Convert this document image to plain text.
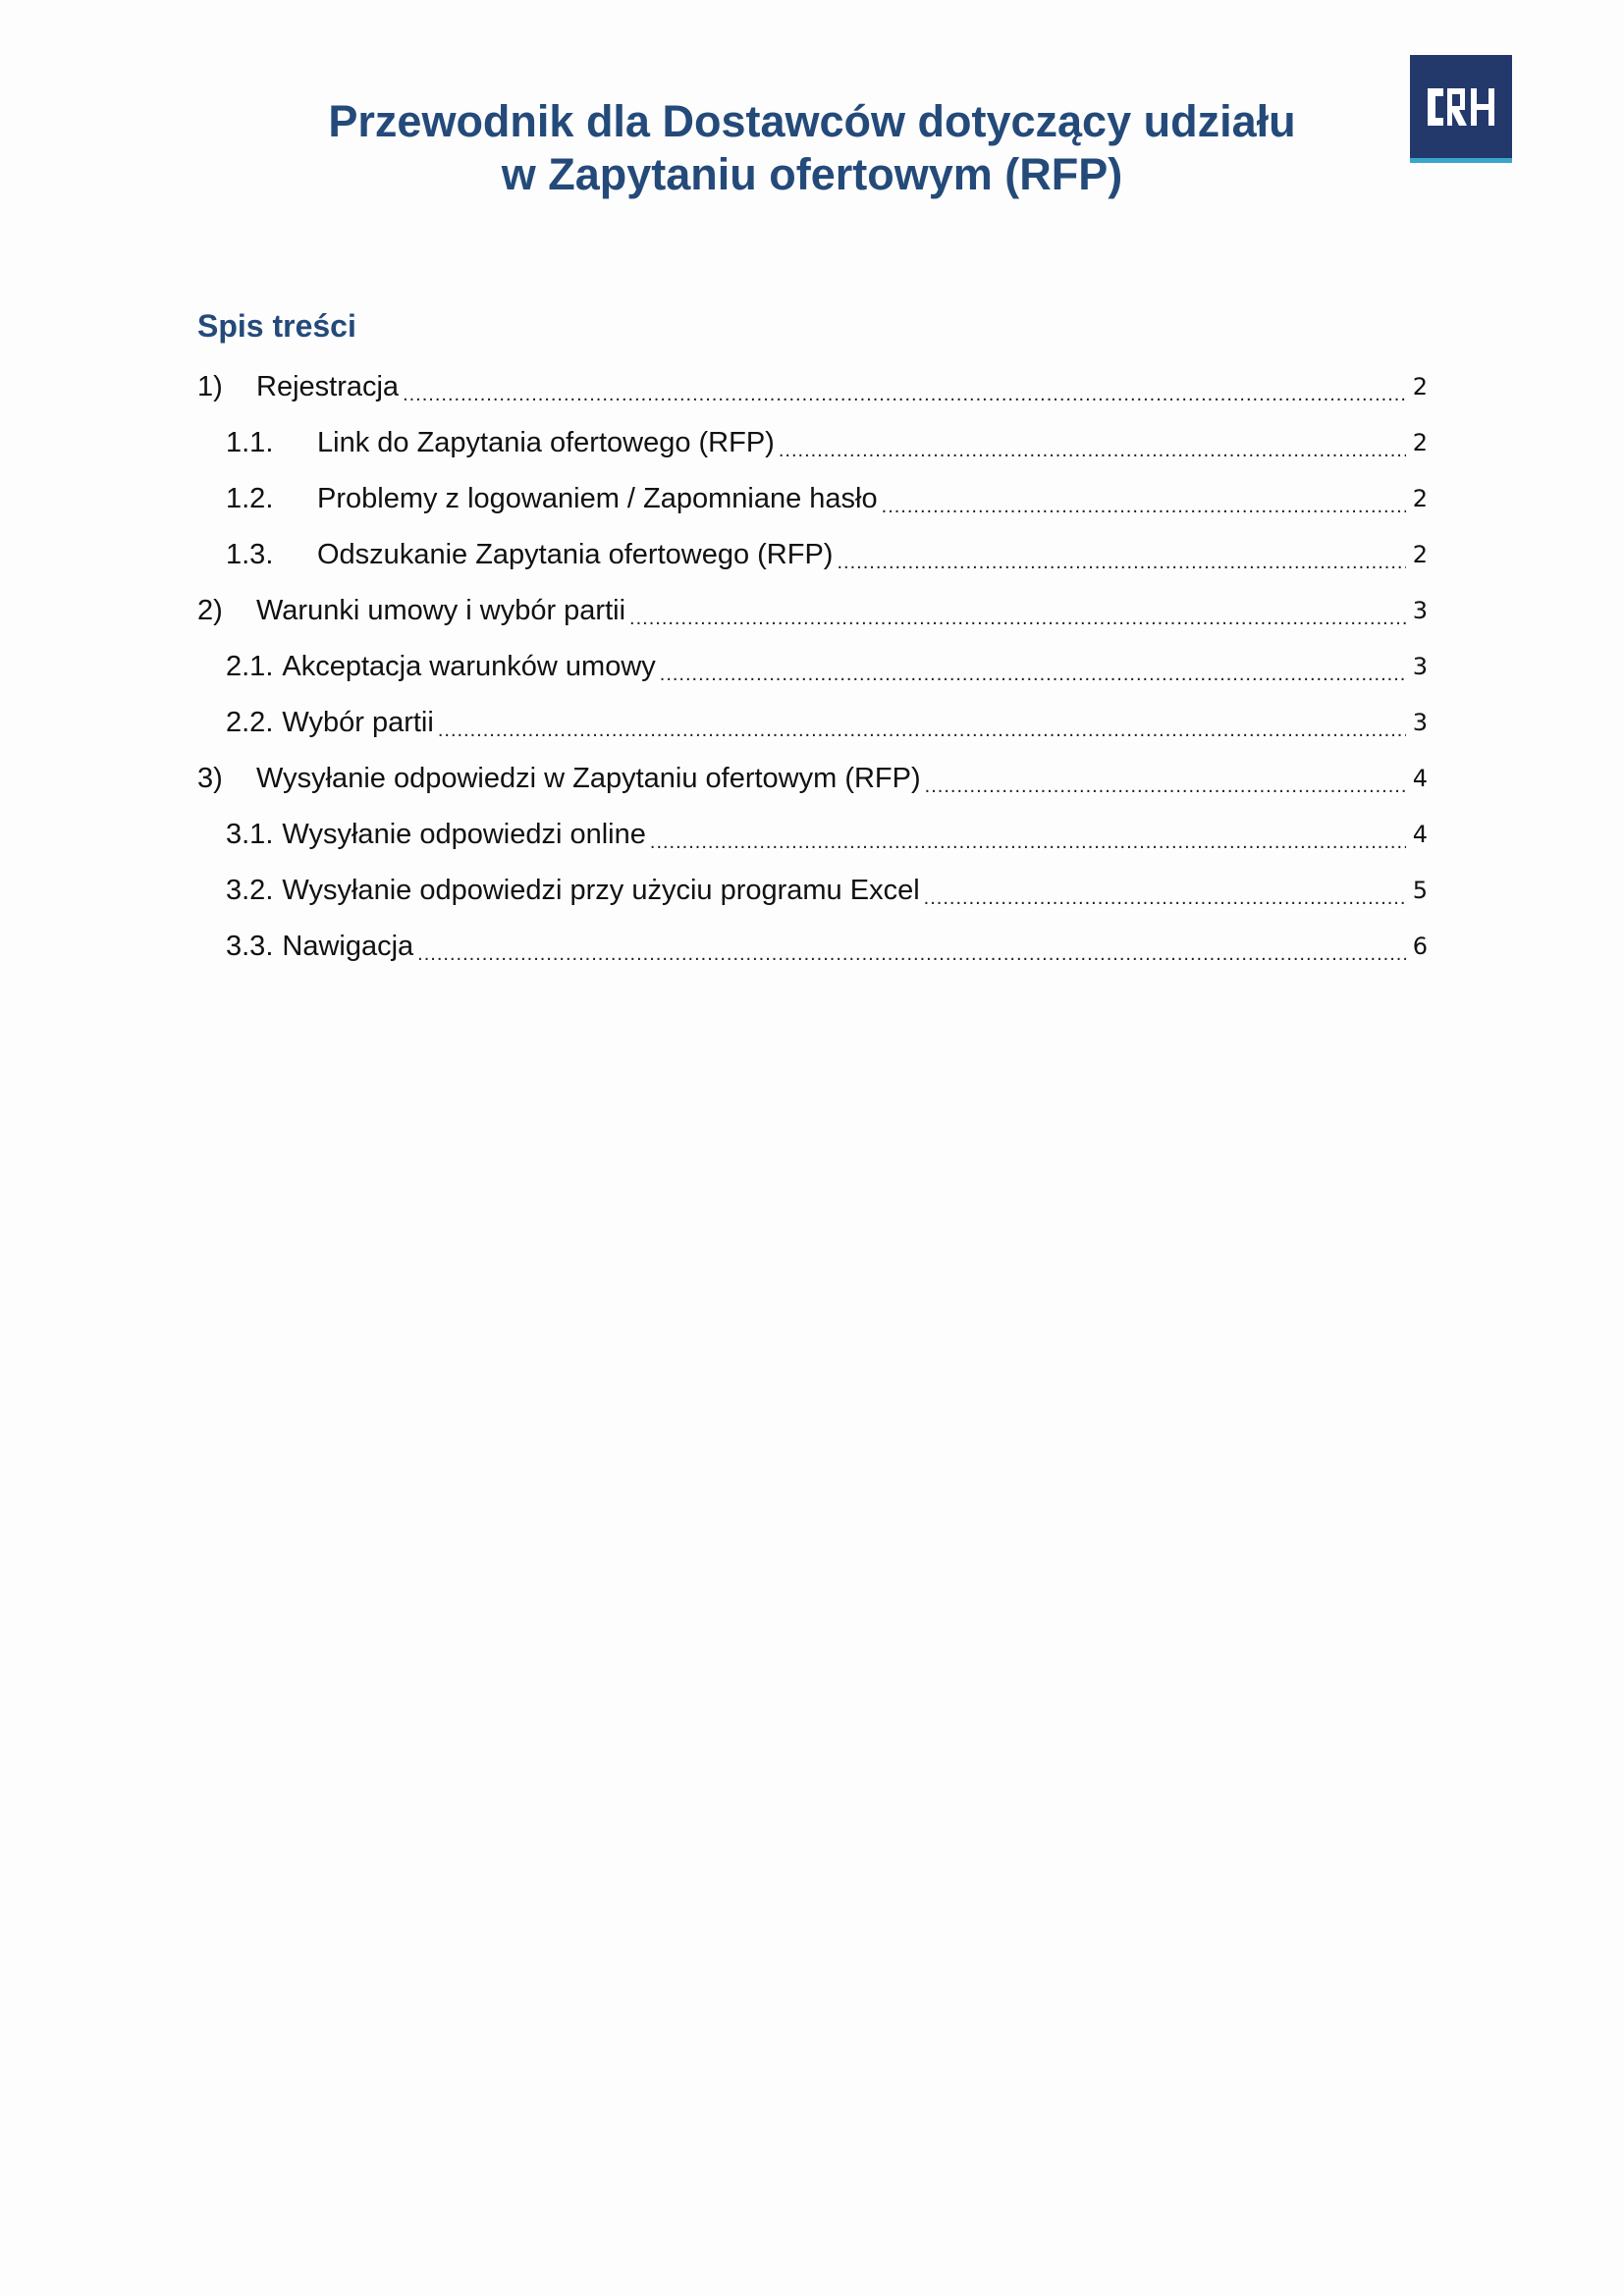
Przewodnik dla Dostawców dotyczący udziału
w Zapytaniu ofertowym (RFP)
Spis treści
1)	Rejestracja .....	2
1.1.	Link do Zapytania ofertowego (RFP) .....	2
1.2.	Problemy z logowaniem / Zapomniane hasło .....	2
1.3.	Odszukanie Zapytania ofertowego (RFP) .....	2
2)	Warunki umowy i wybór partii .....	3
2.1. Akceptacja warunków umowy .....	3
2.2. Wybór partii .....	3
3)	Wysyłanie odpowiedzi w Zapytaniu ofertowym (RFP) .....	4
3.1. Wysyłanie odpowiedzi online .....	4
3.2. Wysyłanie odpowiedzi przy użyciu programu Excel .....	5
3.3. Nawigacja .....	6
